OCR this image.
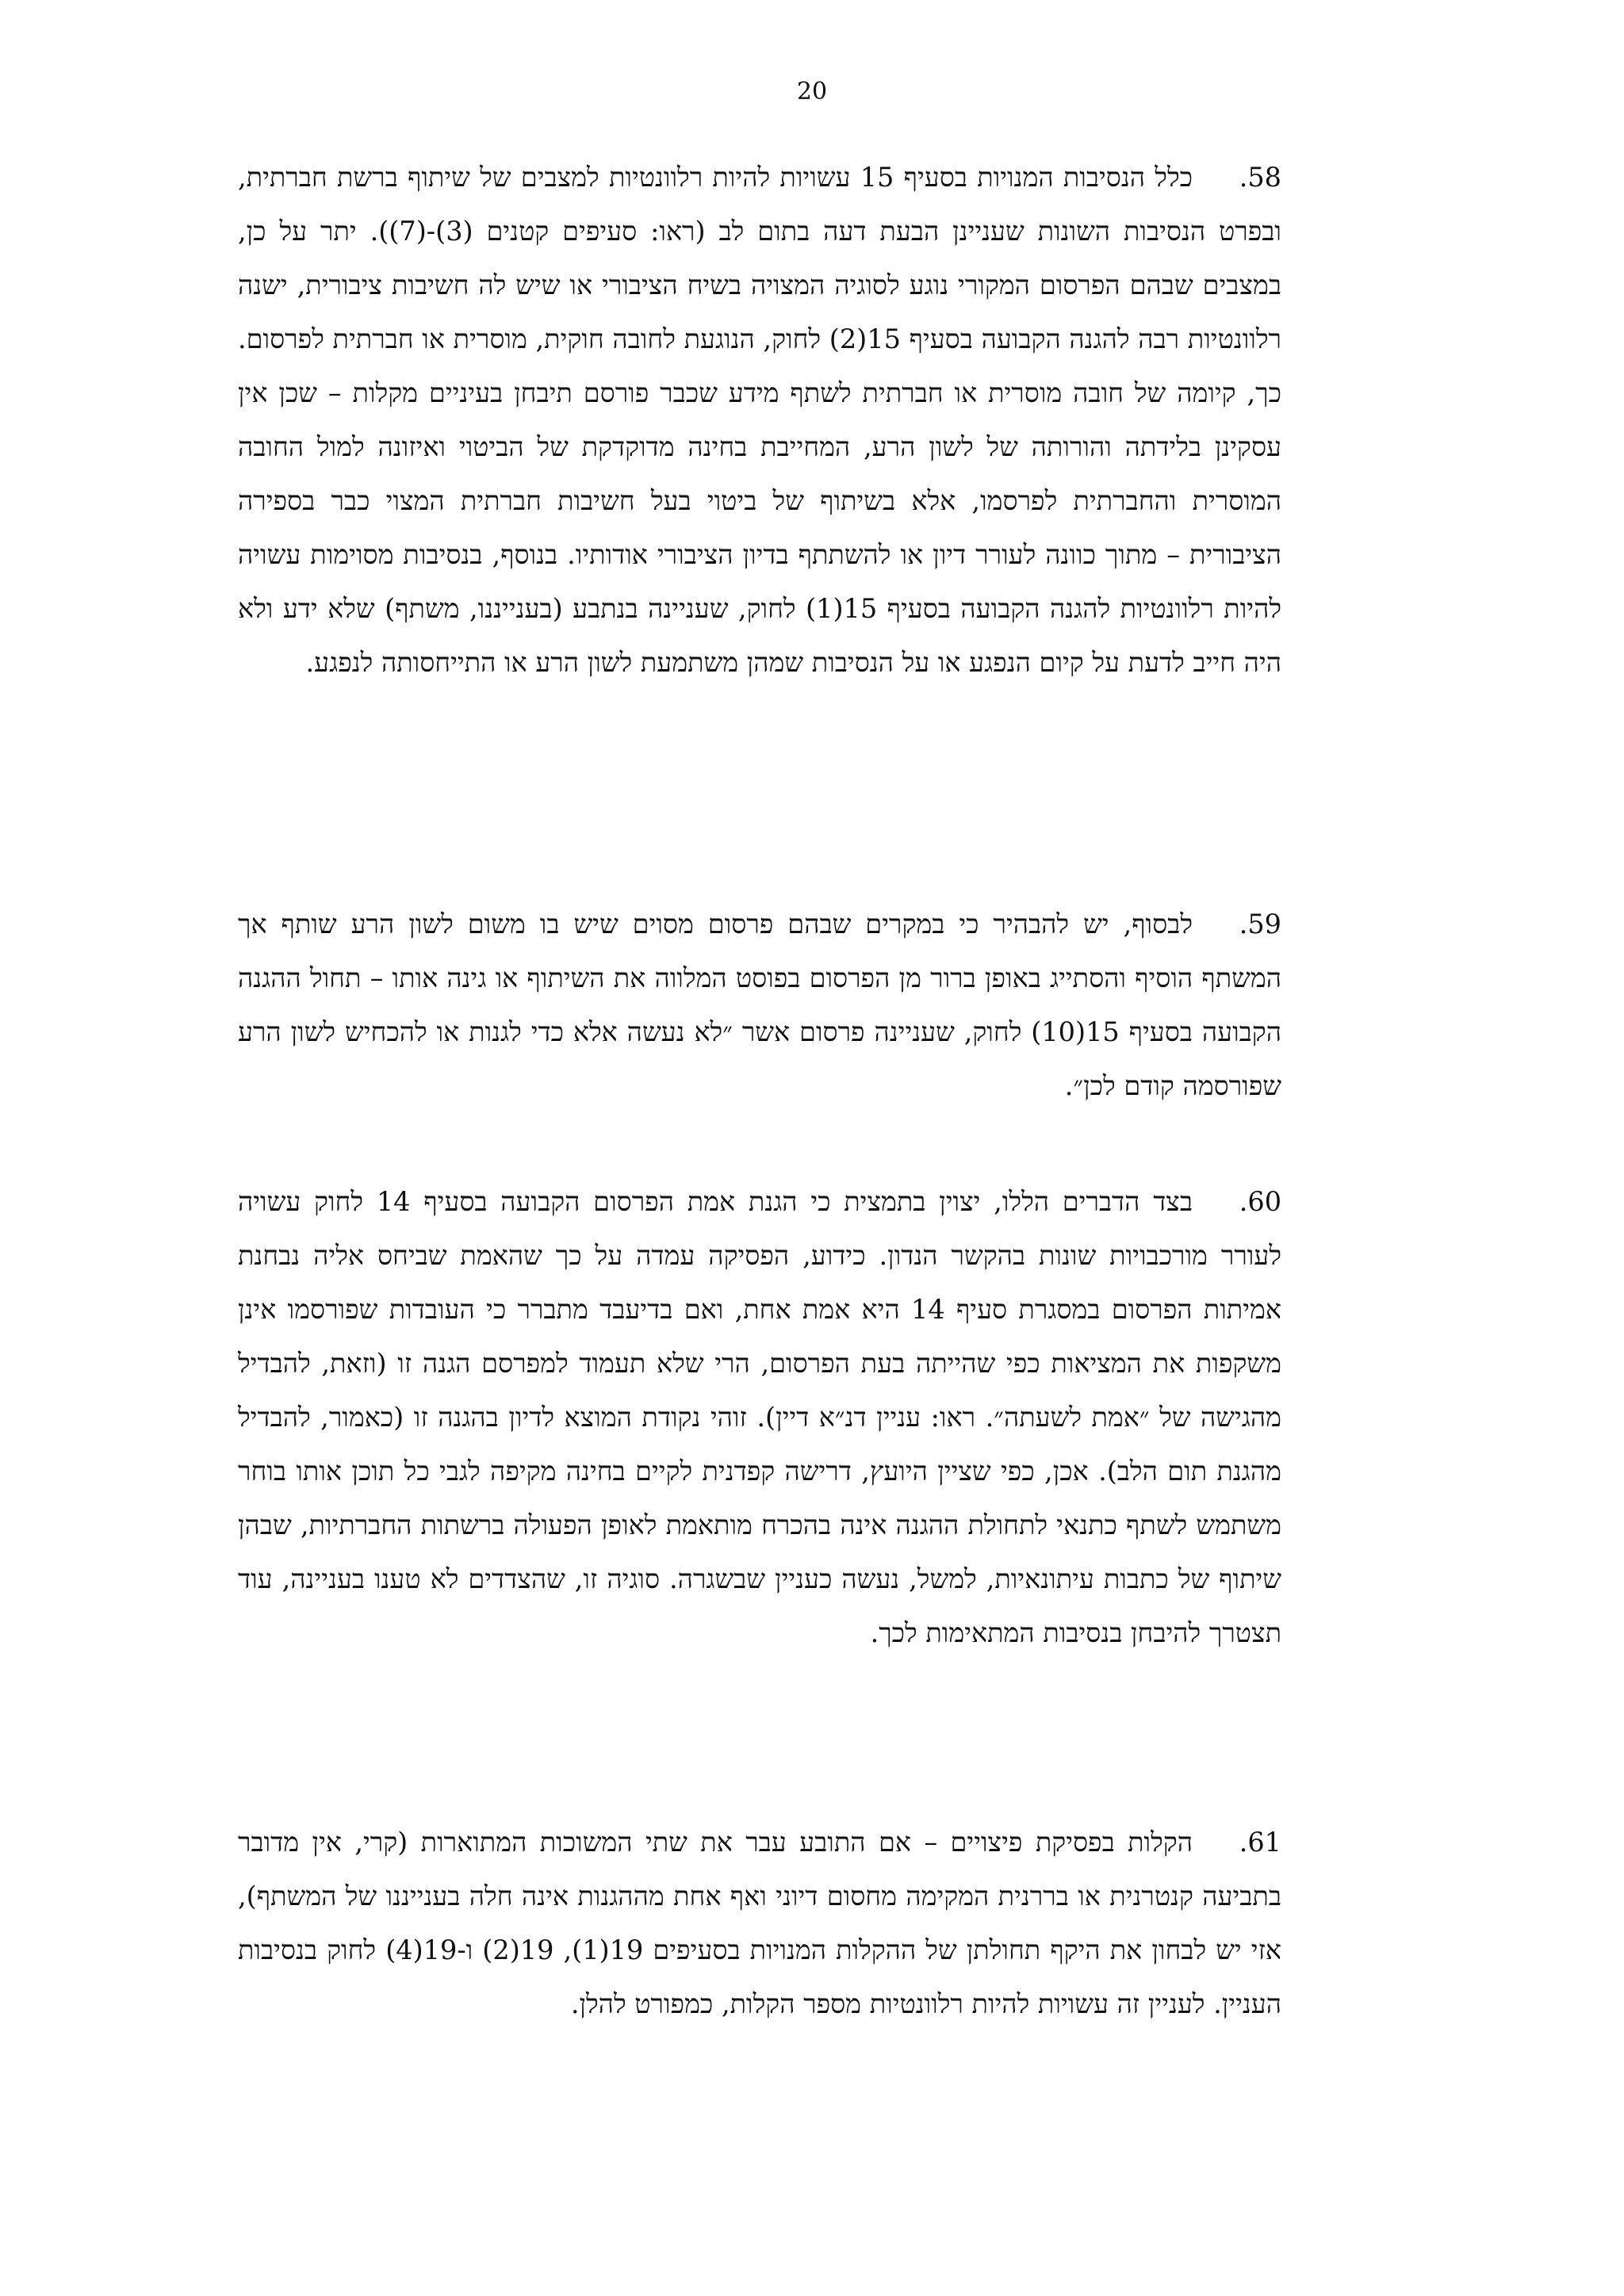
20

58.כלל הנסיבות המנויות בסעיף 15 עשויות להיות רלוונטיות למצבים של שיתוף ברשת חברתית, ובפרט הנסיבות השונות שעניינן הבעת דעה בתום לב (ראו: סעיפים קטנים (3)-(7)). יתר על כן, במצבים שבהם הפרסום המקורי נוגע לסוגיה המצויה בשיח הציבורי או שיש לה חשיבות ציבורית, ישנה רלוונטיות רבה להגנה הקבועה בסעיף 15(2) לחוק, הנוגעת לחובה חוקית, מוסרית או חברתית לפרסום. כך, קיומה של חובה מוסרית או חברתית לשתף מידע שכבר פורסם תיבחן בעיניים מקלות – שכן אין עסקינן בלידתה והורותה של לשון הרע, המחייבת בחינה מדוקדקת של הביטוי ואיזונה למול החובה המוסרית והחברתית לפרסמו, אלא בשיתוף של ביטוי בעל חשיבות חברתית המצוי כבר בספירה הציבורית – מתוך כוונה לעורר דיון או להשתתף בדיון הציבורי אודותיו. בנוסף, בנסיבות מסוימות עשויה להיות רלוונטיות להגנה הקבועה בסעיף 15(1) לחוק, שעניינה בנתבע (בענייננו, משתף) שלא ידע ולא היה חייב לדעת על קיום הנפגע או על הנסיבות שמהן משתמעת לשון הרע או התייחסותה לנפגע.

59.לבסוף, יש להבהיר כי במקרים שבהם פרסום מסוים שיש בו משום לשון הרע שותף אך המשתף הוסיף והסתייג באופן ברור מן הפרסום בפוסט המלווה את השיתוף או גינה אותו – תחול ההגנה הקבועה בסעיף 15(10) לחוק, שעניינה פרסום אשר ״לא נעשה אלא כדי לגנות או להכחיש לשון הרע שפורסמה קודם לכן״.

60.בצד הדברים הללו, יצוין בתמצית כי הגנת אמת הפרסום הקבועה בסעיף 14 לחוק עשויה לעורר מורכבויות שונות בהקשר הנדון. כידוע, הפסיקה עמדה על כך שהאמת שביחס אליה נבחנת אמיתות הפרסום במסגרת סעיף 14 היא אמת אחת, ואם בדיעבד מתברר כי העובדות שפורסמו אינן משקפות את המציאות כפי שהייתה בעת הפרסום, הרי שלא תעמוד למפרסם הגנה זו (וזאת, להבדיל מהגישה של ״אמת לשעתה״. ראו: עניין דנ״א דיין). זוהי נקודת המוצא לדיון בהגנה זו (כאמור, להבדיל מהגנת תום הלב). אכן, כפי שציין היועץ, דרישה קפדנית לקיים בחינה מקיפה לגבי כל תוכן אותו בוחר משתמש לשתף כתנאי לתחולת ההגנה אינה בהכרח מותאמת לאופן הפעולה ברשתות החברתיות, שבהן שיתוף של כתבות עיתונאיות, למשל, נעשה כעניין שבשגרה. סוגיה זו, שהצדדים לא טענו בעניינה, עוד תצטרך להיבחן בנסיבות המתאימות לכך.

61.הקלות בפסיקת פיצויים – אם התובע עבר את שתי המשוכות המתוארות (קרי, אין מדובר בתביעה קנטרנית או בררנית המקימה מחסום דיוני ואף אחת מההגנות אינה חלה בענייננו של המשתף), אזי יש לבחון את היקף תחולתן של ההקלות המנויות בסעיפים 19(1), 19(2) ו-19(4) לחוק בנסיבות העניין. לעניין זה עשויות להיות רלוונטיות מספר הקלות, כמפורט להלן.
